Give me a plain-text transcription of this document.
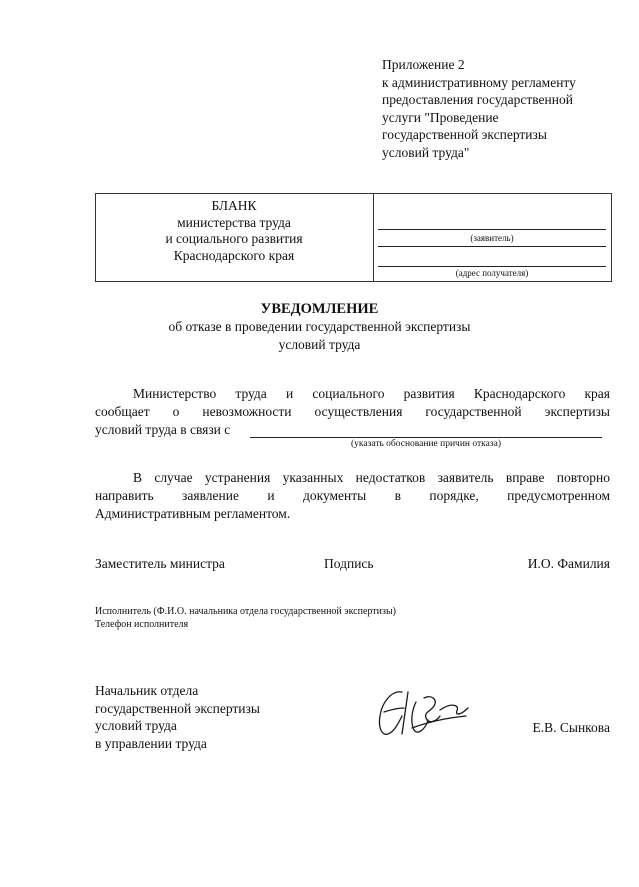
Приложение 2
к административному регламенту
предоставления государственной
услуги "Проведение
государственной экспертизы
условий труда"
БЛАНК
министерства труда
и социального развития
Краснодарского края
(заявитель)
(адрес получателя)
УВЕДОМЛЕНИЕ
об отказе в проведении государственной экспертизы
условий труда
Министерство труда и социального развития Краснодарского края
сообщает о невозможности осуществления государственной экспертизы
условий труда в связи с
(указать обоснование причин отказа)
В случае устранения указанных недостатков заявитель вправе повторно
направить заявление и документы в порядке, предусмотренном
Административным регламентом.
Заместитель министра	Подпись	И.О. Фамилия
Исполнитель (Ф.И.О. начальника отдела государственной экспертизы)
Телефон исполнителя
Начальник отдела
государственной экспертизы
условий труда
в управлении труда
Е.В. Сынкова
